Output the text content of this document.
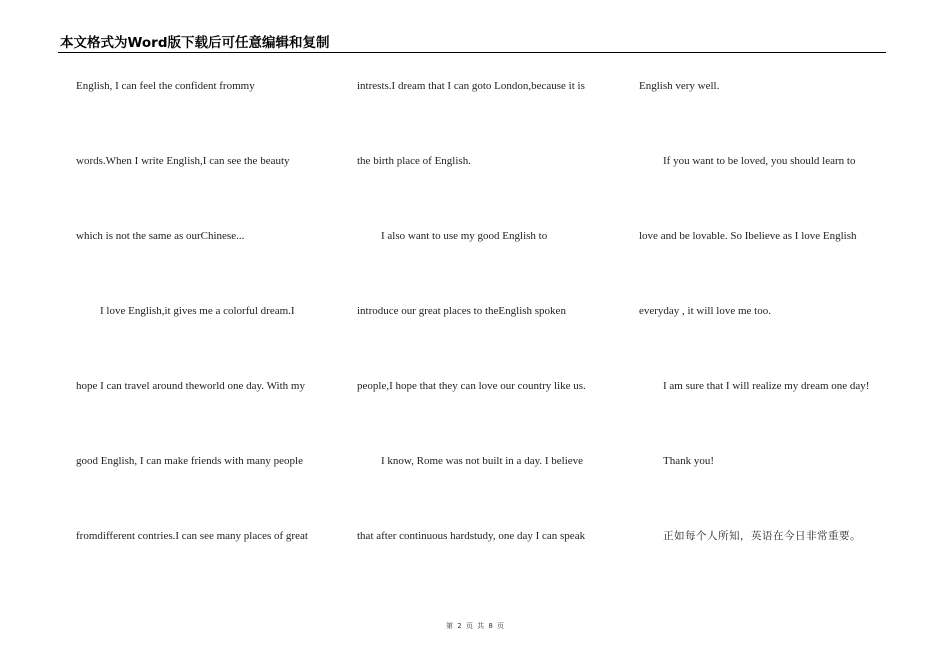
本文格式为Word版下载后可任意编辑和复制
English, I can feel the confident frommy
words.When I write English,I can see the beauty
which is not the same as ourChinese...
I love English,it gives me a colorful dream.I
hope I can travel around theworld one day. With my
good English, I can make friends with many people
fromdifferent contries.I can see many places of great
intrests.I dream that I can goto London,because it is
the birth place of English.
I also want to use my good English to
introduce our great places to theEnglish spoken
people,I hope that they can love our country like us.
I know, Rome was not built in a day. I believe
that after continuous hardstudy, one day I can speak
English very well.
If you want to be loved, you should learn to
love and be lovable. So Ibelieve as I love English
everyday , it will love me too.
I am sure that I will realize my dream one day!
Thank you!
正如每个人所知，英语在今日非常重要。
第 2 页 共 8 页
